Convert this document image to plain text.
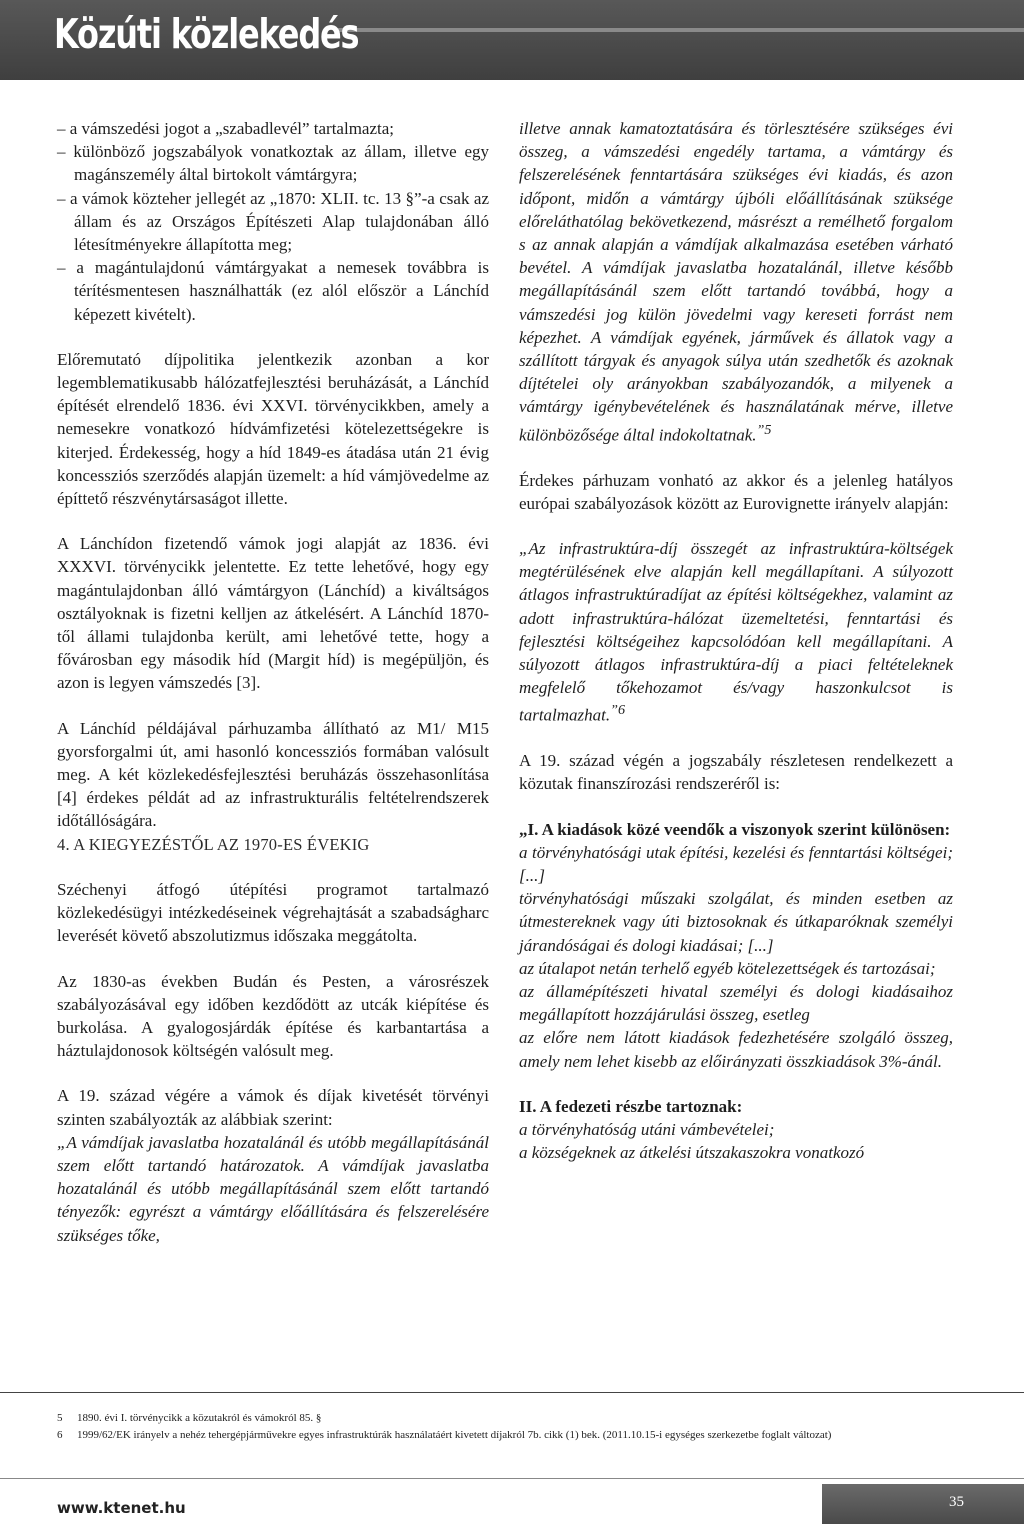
Közúti közlekedés

– a vámszedési jogot a „szabadlevél” tartalmazta;

– különböző jogszabályok vonatkoztak az állam, illetve egy magánszemély által birtokolt vámtárgyra;

– a vámok közteher jellegét az „1870: XLII. tc. 13 §”-a csak az állam és az Országos Építészeti Alap tulajdonában álló létesítményekre állapította meg;

– a magántulajdonú vámtárgyakat a nemesek továbbra is térítésmentesen használhatták (ez alól először a Lánchíd képezett kivételt).

Előremutató díjpolitika jelentkezik azonban a kor legemblematikusabb hálózatfejlesztési beruházását, a Lánchíd építését elrendelő 1836. évi XXVI. törvénycikkben, amely a nemesekre vonatkozó hídvámfizetési kötelezettségekre is kiterjed. Érdekesség, hogy a híd 1849-es átadása után 21 évig koncessziós szerződés alapján üzemelt: a híd vámjövedelme az építtető részvénytársaságot illette.

A Lánchídon fizetendő vámok jogi alapját az 1836. évi XXXVI. törvénycikk jelentette. Ez tette lehetővé, hogy egy magántulajdonban álló vámtárgyon (Lánchíd) a kiváltságos osztályoknak is fizetni kelljen az átkelésért. A Lánchíd 1870-től állami tulajdonba került, ami lehetővé tette, hogy a fővárosban egy második híd (Margit híd) is megépüljön, és azon is legyen vámszedés [3].

A Lánchíd példájával párhuzamba állítható az M1/ M15 gyorsforgalmi út, ami hasonló koncessziós formában valósult meg. A két közlekedésfejlesztési beruházás összehasonlítása [4] érdekes példát ad az infrastrukturális feltételrendszerek időtállóságára.

4. A KIEGYEZÉSTŐL AZ 1970-ES ÉVEKIG

Széchenyi átfogó útépítési programot tartalmazó közlekedésügyi intézkedéseinek végrehajtását a szabadságharc leverését követő abszolutizmus időszaka meggátolta.

Az 1830-as években Budán és Pesten, a városrészek szabályozásával egy időben kezdődött az utcák kiépítése és burkolása. A gyalogosjárdák építése és karbantartása a háztulajdonosok költségén valósult meg.

A 19. század végére a vámok és díjak kivetését törvényi szinten szabályozták az alábbiak szerint:

„A vámdíjak javaslatba hozatalánál és utóbb megállapításánál szem előtt tartandó határozatok. A vámdíjak javaslatba hozatalánál és utóbb megállapításánál szem előtt tartandó tényezők: egyrészt a vámtárgy előállítására és felszerelésére szükséges tőke,

illetve annak kamatoztatására és törlesztésére szükséges évi összeg, a vámszedési engedély tartama, a vámtárgy és felszerelésének fenntartására szükséges évi kiadás, és azon időpont, midőn a vámtárgy újbóli előállításának szüksége előreláthatólag bekövetkezend, másrészt a remélhető forgalom s az annak alapján a vámdíjak alkalmazása esetében várható bevétel. A vámdíjak javaslatba hozatalánál, illetve később megállapításánál szem előtt tartandó továbbá, hogy a vámszedési jog külön jövedelmi vagy kereseti forrást nem képezhet. A vámdíjak egyének, járművek és állatok vagy a szállított tárgyak és anyagok súlya után szedhetők és azoknak díjtételei oly arányokban szabályozandók, a milyenek a vámtárgy igénybevételének és használatának mérve, illetve különbözősége által indokoltatnak.$^{”5}$

Érdekes párhuzam vonható az akkor és a jelenleg hatályos európai szabályozások között az Eurovignette irányelv alapján:

„Az infrastruktúra-díj összegét az infrastruktúra-költségek megtérülésének elve alapján kell megállapítani. A súlyozott átlagos infrastruktúradíjat az építési költségekhez, valamint az adott infrastruktúra-hálózat üzemeltetési, fenntartási és fejlesztési költségeihez kapcsolódóan kell megállapítani. A súlyozott átlagos infrastruktúra-díj a piaci feltételeknek megfelelő tőkehozamot és/vagy haszonkulcsot is tartalmazhat.$^{”6}$

A 19. század végén a jogszabály részletesen rendelkezett a közutak finanszírozási rendszeréről is:

„I. A kiadások közé veendők a viszonyok szerint különösen:

a törvényhatósági utak építési, kezelési és fenntartási költségei; [...]

törvényhatósági műszaki szolgálat, és minden esetben az útmestereknek vagy úti biztosoknak és útkaparóknak személyi járandóságai és dologi kiadásai; [...]

az útalapot netán terhelő egyéb kötelezettségek és tartozásai;

az államépítészeti hivatal személyi és dologi kiadásaihoz megállapított hozzájárulási összeg, esetleg

az előre nem látott kiadások fedezhetésére szolgáló összeg, amely nem lehet kisebb az előirányzati összkiadások 3%-ánál.

II. A fedezeti részbe tartoznak:

a törvényhatóság utáni vámbevételei;

a községeknek az átkelési útszakaszokra vonatkozó

5	1890. évi I. törvénycikk a közutakról és vámokról 85. §
6	1999/62/EK irányelv a nehéz tehergépjárművekre egyes infrastruktúrák használatáért kivetett díjakról 7b. cikk (1) bek. (2011.10.15-i egységes szerkezetbe foglalt változat)
www.ktenet.hu	35
